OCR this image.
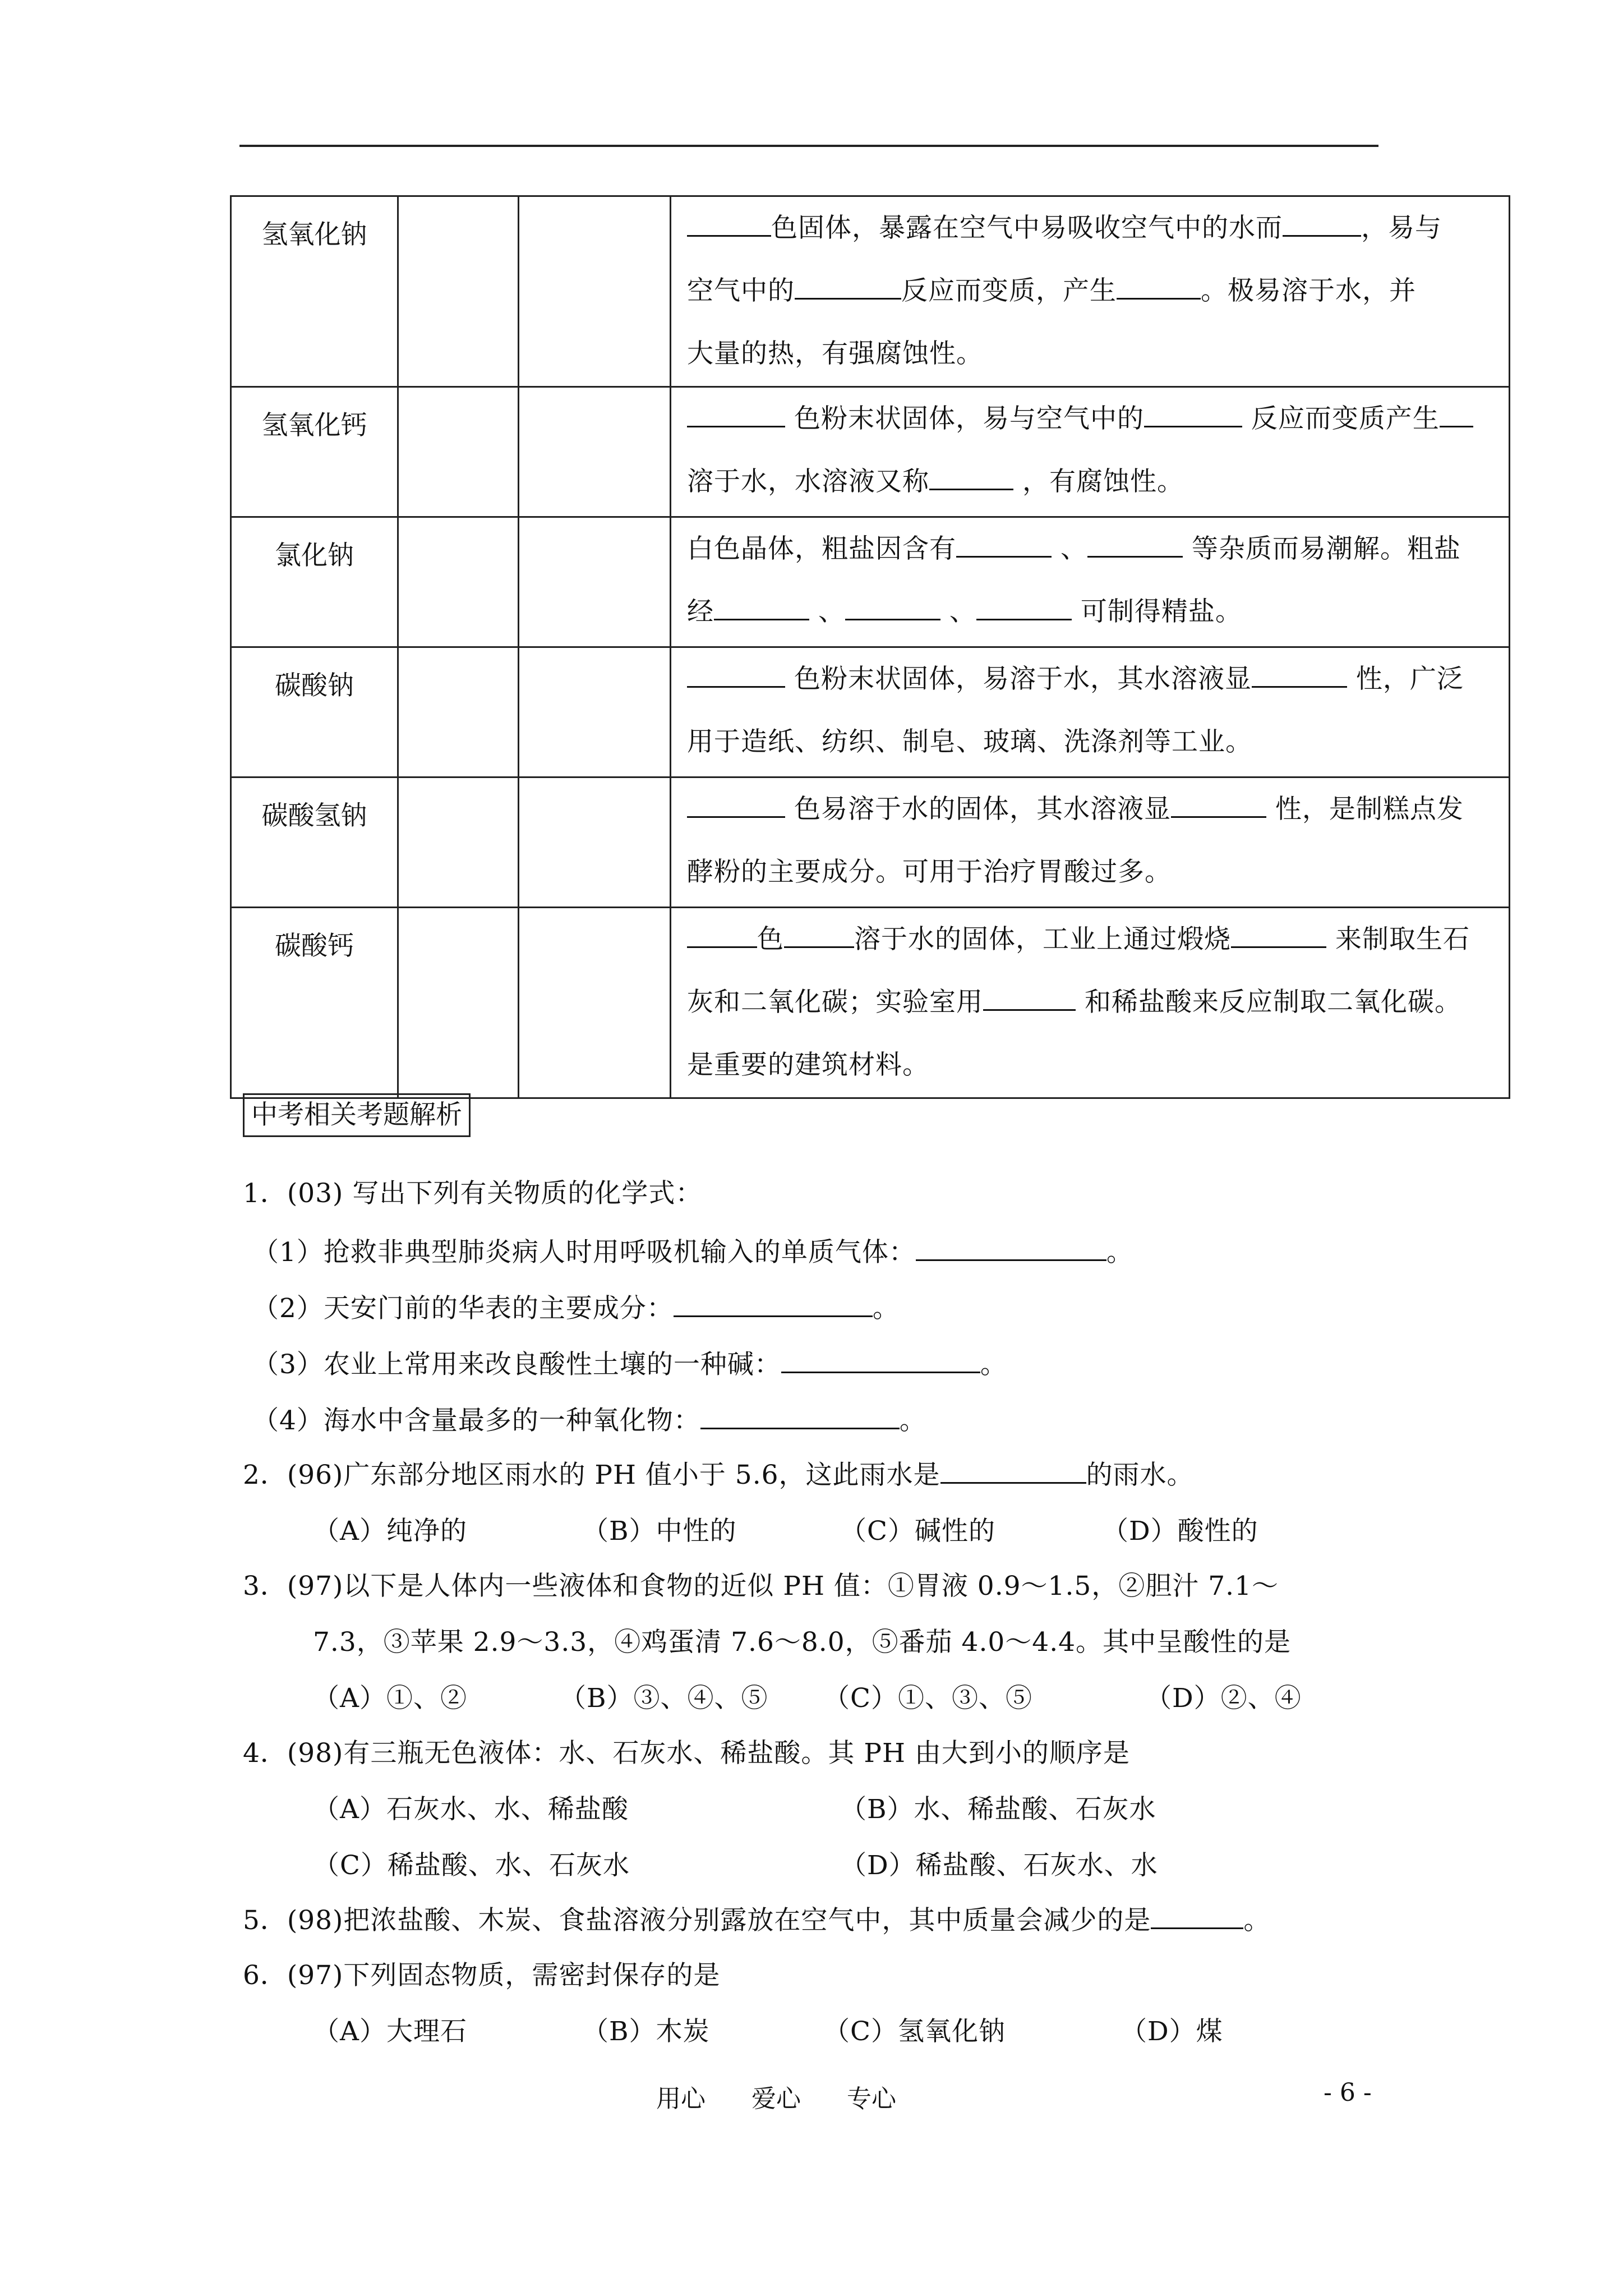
氢氧化钠			色固体，暴露在空气中易吸收空气中的水而 ，易与
空气中的 反应而变质，产生 。极易溶于水，并
大量的热，有强腐蚀性。

氢氧化钙			色粉末状固体，易与空气中的 反应而变质产生
溶于水，水溶液又称 ，有腐蚀性。

氯化钠			白色晶体，粗盐因含有 、 等杂质而易潮解。粗盐
经 、 、 可制得精盐。

碳酸钠			色粉末状固体，易溶于水，其水溶液显 性，广泛
用于造纸、纺织、制皂、玻璃、洗涤剂等工业。

碳酸氢钠			色易溶于水的固体，其水溶液显 性，是制糕点发
酵粉的主要成分。可用于治疗胃酸过多。

碳酸钙			色 溶于水的固体，工业上通过煅烧 来制取生石
灰和二氧化碳；实验室用 和稀盐酸来反应制取二氧化碳。
是重要的建筑材料。
中考相关考题解析
1．(03) 写出下列有关物质的化学式：
（1）抢救非典型肺炎病人时用呼吸机输入的单质气体：	。
（2）天安门前的华表的主要成分：	。
（3）农业上常用来改良酸性土壤的一种碱：	。
（4）海水中含量最多的一种氧化物：	。
2．(96)广东部分地区雨水的 PH 值小于 5.6，这此雨水是	的雨水。
（A）纯净的	（B）中性的	（C）碱性的	（D）酸性的
3．(97)以下是人体内一些液体和食物的近似 PH 值：①胃液 0.9～1.5，②胆汁 7.1～
7.3，③苹果 2.9～3.3，④鸡蛋清 7.6～8.0，⑤番茄 4.0～4.4。其中呈酸性的是
（A）①、②	（B）③、④、⑤ （C）①、③、⑤	（D）②、④
4．(98)有三瓶无色液体：水、石灰水、稀盐酸。其 PH 由大到小的顺序是
（A）石灰水、水、稀盐酸	（B）水、稀盐酸、石灰水
（C）稀盐酸、水、石灰水	（D）稀盐酸、石灰水、水
5．(98)把浓盐酸、木炭、食盐溶液分别露放在空气中，其中质量会减少的是	。
6．(97)下列固态物质，需密封保存的是
（A）大理石	（B）木炭	（C）氢氧化钠	（D）煤
用心 爱心 专心	- 6 -
